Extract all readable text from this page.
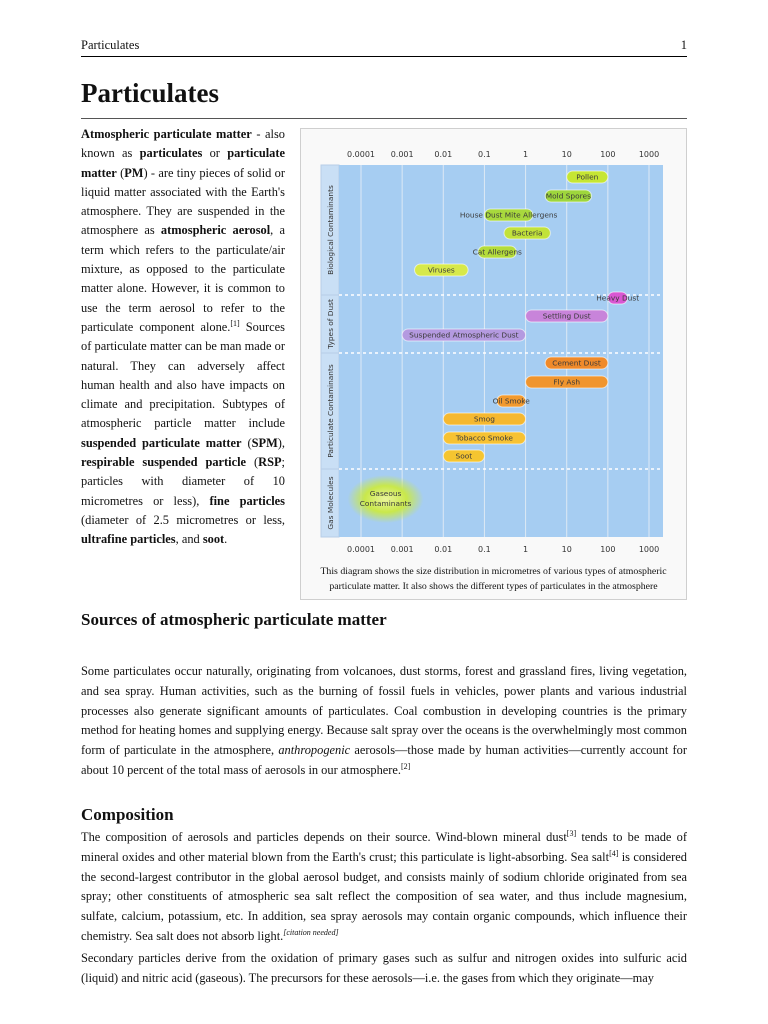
Particulates	1
Particulates

Atmospheric particulate matter - also known as particulates or particulate matter (PM) - are tiny pieces of solid or liquid matter associated with the Earth's atmosphere. They are suspended in the atmosphere as atmospheric aerosol, a term which refers to the particulate/air mixture, as opposed to the particulate matter alone. However, it is common to use the term aerosol to refer to the particulate component alone.[1] Sources of particulate matter can be man made or natural. They can adversely affect human health and also have impacts on climate and precipitation. Subtypes of atmospheric particle matter include suspended particulate matter (SPM), respirable suspended particle (RSP; particles with diameter of 10 micrometres or less), fine particles (diameter of 2.5 micrometres or less, ultrafine particles, and soot.

0.0001
0.0001
0.001
0.001
0.01
0.01
0.1
0.1
1
1
10
10
100
100
1000
1000
Biological Contaminants
Types of Dust
Particulate Contaminants
Gas Molecules
Pollen
Mold Spores
House Dust Mite Allergens
Bacteria
Cat Allergens
Viruses
Heavy Dust
Settling Dust
Suspended Atmospheric Dust
Cement Dust
Fly Ash
Oil Smoke
Smog
Tobacco Smoke
Soot
Gaseous
Contaminants

This diagram shows the size distribution in micrometres of various types of atmospheric particulate matter. It also shows the different types of particulates in the atmosphere

Sources of atmospheric particulate matter

Some particulates occur naturally, originating from volcanoes, dust storms, forest and grassland fires, living vegetation, and sea spray. Human activities, such as the burning of fossil fuels in vehicles, power plants and various industrial processes also generate significant amounts of particulates. Coal combustion in developing countries is the primary method for heating homes and supplying energy. Because salt spray over the oceans is the overwhelmingly most common form of particulate in the atmosphere, anthropogenic aerosols—those made by human activities—currently account for about 10 percent of the total mass of aerosols in our atmosphere.[2]

Composition

The composition of aerosols and particles depends on their source. Wind-blown mineral dust[3] tends to be made of mineral oxides and other material blown from the Earth's crust; this particulate is light-absorbing. Sea salt[4] is considered the second-largest contributor in the global aerosol budget, and consists mainly of sodium chloride originated from sea spray; other constituents of atmospheric sea salt reflect the composition of sea water, and thus include magnesium, sulfate, calcium, potassium, etc. In addition, sea spray aerosols may contain organic compounds, which influence their chemistry. Sea salt does not absorb light.[citation needed]

Secondary particles derive from the oxidation of primary gases such as sulfur and nitrogen oxides into sulfuric acid (liquid) and nitric acid (gaseous). The precursors for these aerosols—i.e. the gases from which they originate—may
